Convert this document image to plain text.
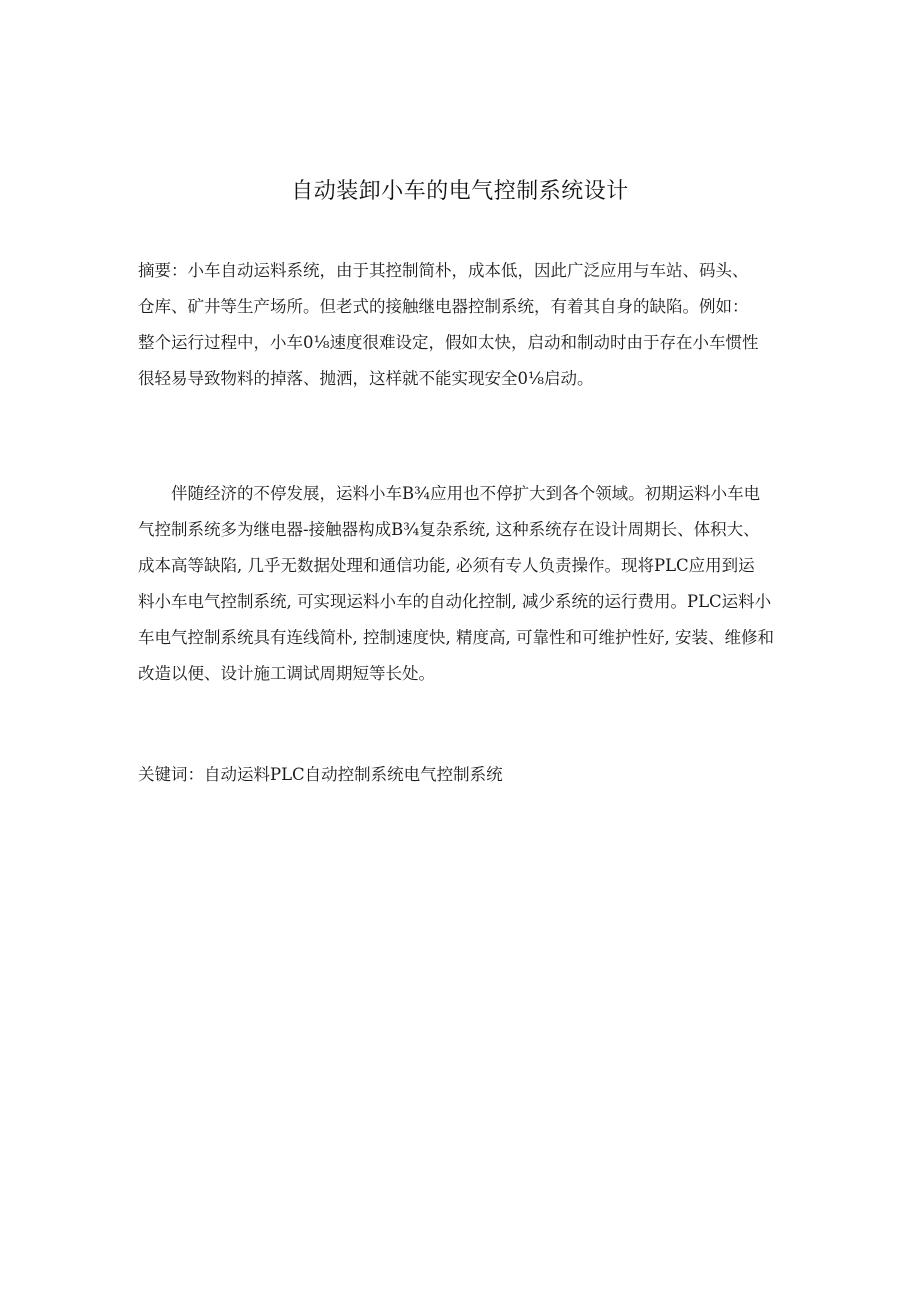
自动装卸小车的电气控制系统设计

摘要：小车自动运料系统，由于其控制简朴，成本低，因此广泛应用与车站、码头、
仓库、矿井等生产场所。但老式的接触继电器控制系统，有着其自身的缺陷。例如：
整个运行过程中，小车0⅛速度很难设定，假如太快，启动和制动时由于存在小车惯性
很轻易导致物料的掉落、抛洒，这样就不能实现安全0⅛启动。

伴随经济的不停发展，运料小车B¾应用也不停扩大到各个领域。初期运料小车电
气控制系统多为继电器-接触器构成B¾复杂系统, 这种系统存在设计周期长、体积大、
成本高等缺陷, 几乎无数据处理和通信功能, 必须有专人负责操作。现将PLC应用到运
料小车电气控制系统, 可实现运料小车的自动化控制, 减少系统的运行费用。PLC运料小
车电气控制系统具有连线简朴, 控制速度快, 精度高, 可靠性和可维护性好, 安装、维修和
改造以便、设计施工调试周期短等长处。

关键词：自动运料PLC自动控制系统电气控制系统
